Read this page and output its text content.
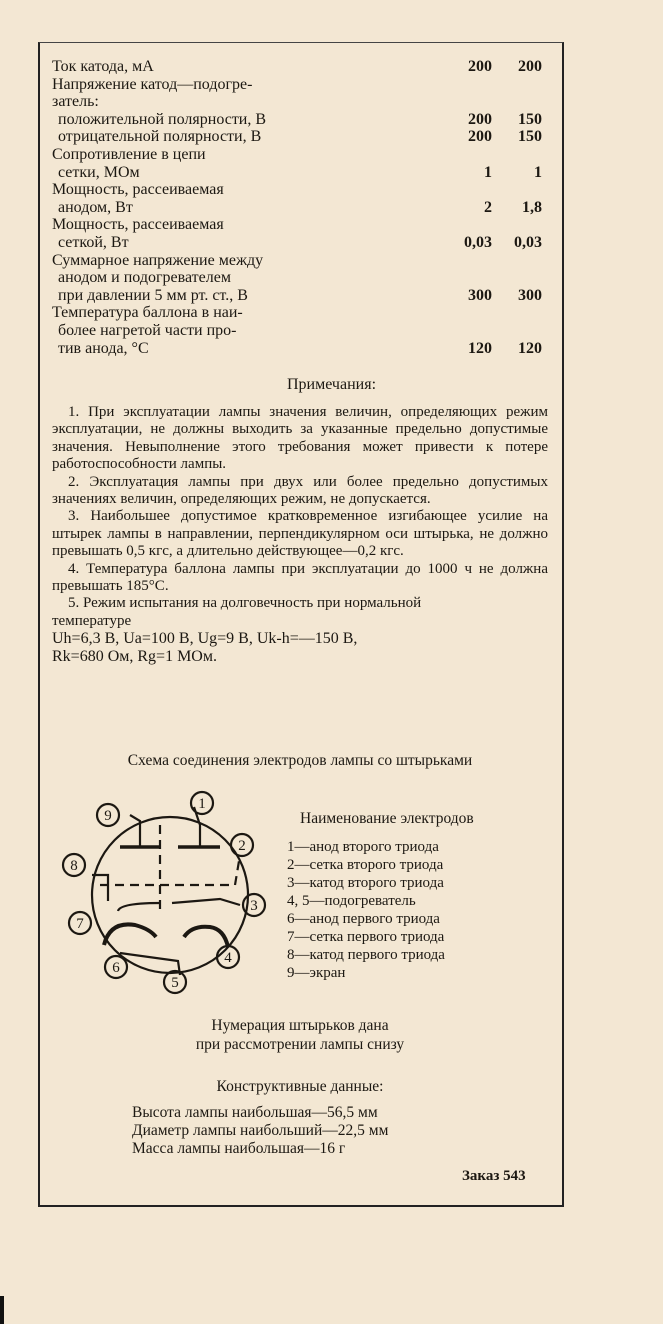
Ток катода, мА	200	200
Напряжение катод—подогре-
затель:
положительной полярности, В	200	150
отрицательной полярности, В	200	150
Сопротивление в цепи
сетки, МОм	1	1
Мощность, рассеиваемая
анодом, Вт	2	1,8
Мощность, рассеиваемая
сеткой, Вт	0,03	0,03
Суммарное напряжение между
анодом и подогревателем
при давлении 5 мм рт. ст., В	300	300
Температура баллона в наи-
более нагретой части про-
тив анода, °С	120	120
Примечания:

1. При эксплуатации лампы значения величин, определяющих режим эксплуатации, не должны выходить за указанные предельно допустимые значения. Невыполнение этого требования может привести к потере работоспособности лампы.

2. Эксплуатация лампы при двух или более предельно допустимых значениях величин, определяющих режим, не допускается.

3. Наибольшее допустимое кратковременное изгибающее усилие на штырек лампы в направлении, перпендикулярном оси штырька, не должно превышать 0,5 кгс, а длительно действующее—0,2 кгс.

4. Температура баллона лампы при эксплуатации до 1000 ч не должна превышать 185°С.

5. Режим испытания на долговечность при нормальной

температуре

Uh=6,3 В, Ua=100 В, Ug=9 В, Uk-h=—150 В,

Rk=680 Ом, Rg=1 МОм.

Схема соединения электродов лампы со штырьками
1
2
3
4
5
6
7
8
9	Наименование электродов
1—анод второго триода
2—сетка второго триода
3—катод второго триода
4, 5—подогреватель
6—анод первого триода
7—сетка первого триода
8—катод первого триода
9—экран
Нумерация штырьков дана
при рассмотрении лампы снизу
Конструктивные данные:
Высота лампы наибольшая—56,5 мм
Диаметр лампы наибольший—22,5 мм
Масса лампы наибольшая—16 г
Заказ 543
